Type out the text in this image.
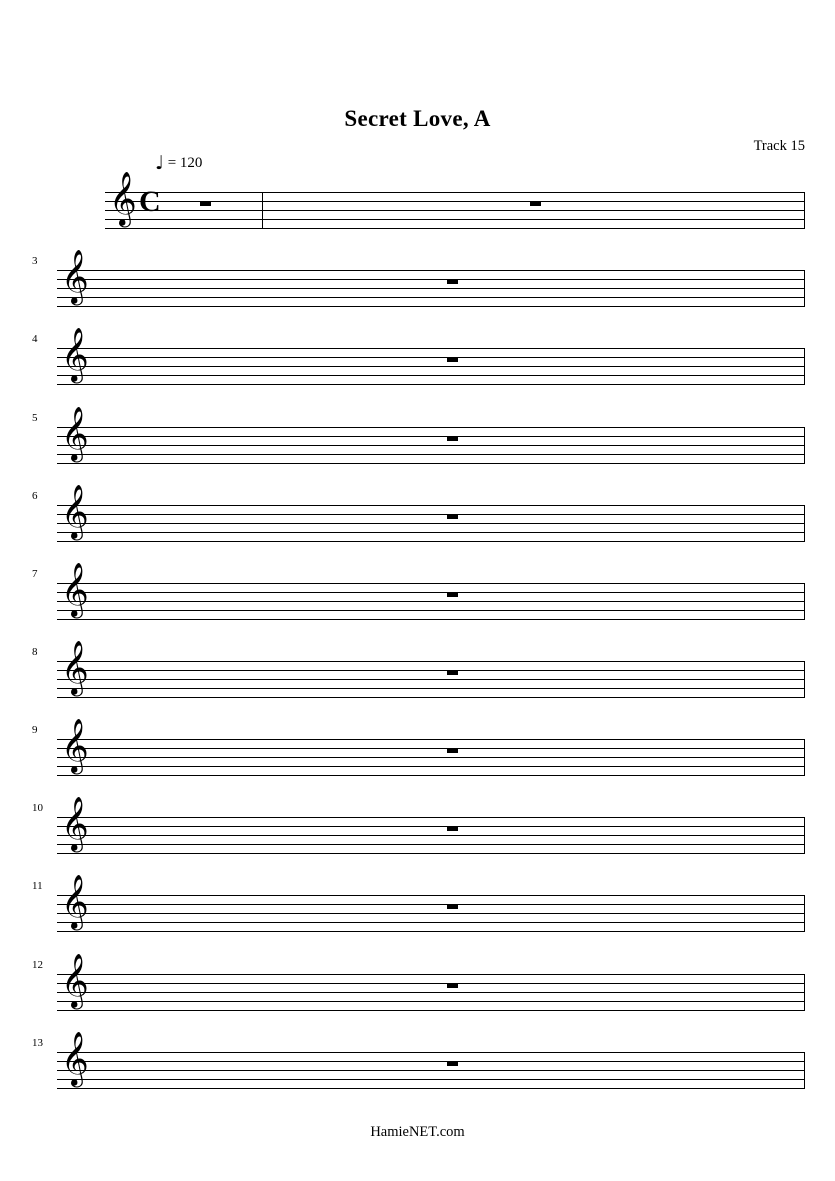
Secret Love, A
Track 15
𝄞 C
♩ = 120
3 𝄞
4 𝄞
5 𝄞
6 𝄞
7 𝄞
8 𝄞
9 𝄞
10 𝄞
11 𝄞
12 𝄞
13 𝄞
HamieNET.com
